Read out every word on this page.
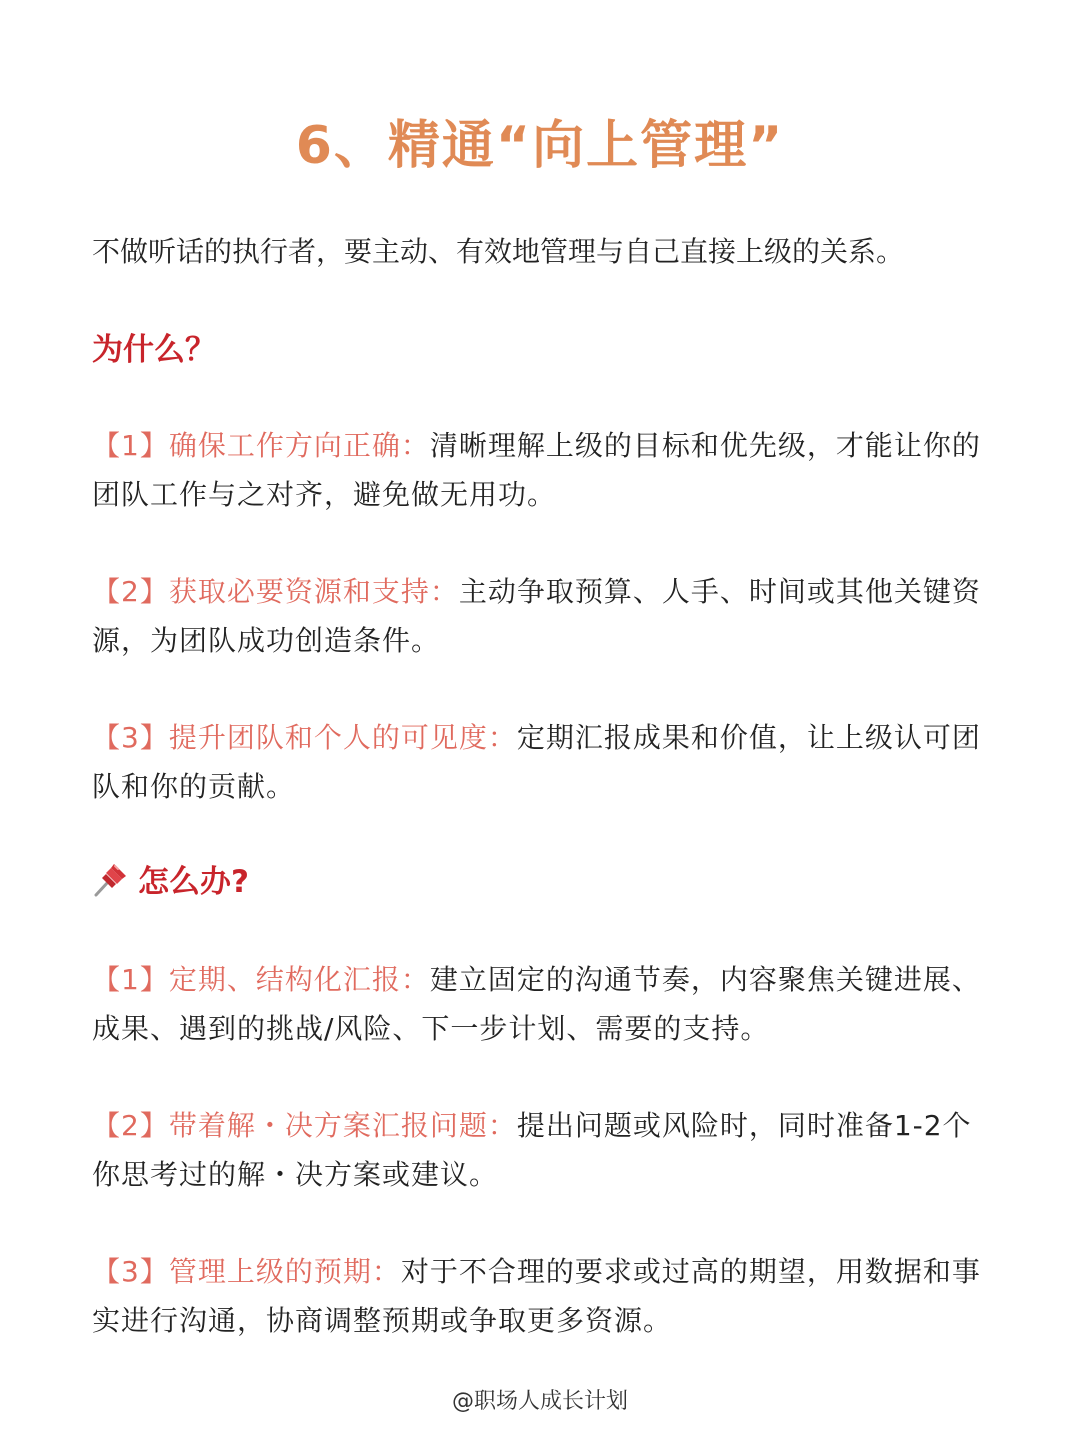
6、精通“向上管理”
不做听话的执行者，要主动、有效地管理与自己直接上级的关系。
为什么？
【1】确保工作方向正确：清晰理解上级的目标和优先级，才能让你的团队工作与之对齐，避免做无用功。
【2】获取必要资源和支持：主动争取预算、人手、时间或其他关键资源，为团队成功创造条件。
【3】提升团队和个人的可见度：定期汇报成果和价值，让上级认可团队和你的贡献。
怎么办?
【1】定期、结构化汇报：建立固定的沟通节奏，内容聚焦关键进展、成果、遇到的挑战/风险、下一步计划、需要的支持。
【2】带着解・决方案汇报问题：提出问题或风险时，同时准备1-2个你思考过的解・决方案或建议。
【3】管理上级的预期：对于不合理的要求或过高的期望，用数据和事实进行沟通，协商调整预期或争取更多资源。
@职场人成长计划
